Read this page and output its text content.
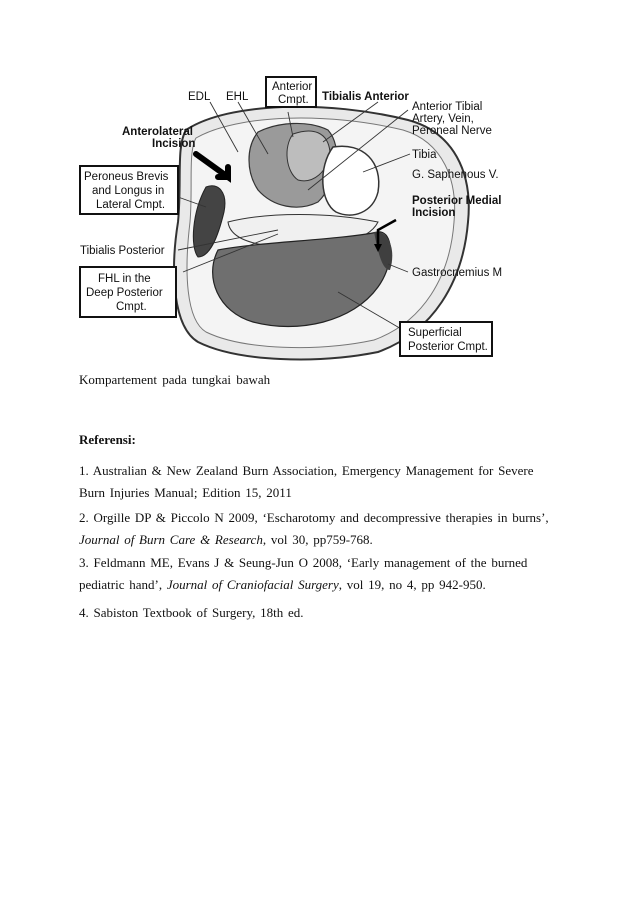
EDL EHL
Anterior
Cmpt. Tibialis Anterior
Anterior Tibial
Artery, Vein,
Peroneal Nerve
Anterolateral
Incision
Tibia
Peroneus Brevis
and Longus in
Lateral Cmpt.
G. Saphenous V.
Posterior Medial
Incision
Tibialis Posterior
FHL in the
Deep Posterior
Cmpt.
Gastrocnemius M
Superficial
Posterior Cmpt.
Kompartement pada tungkai bawah
Referensi:
1. Australian & New Zealand Burn Association, Emergency Management for Severe
Burn Injuries Manual; Edition 15, 2011
2. Orgille DP & Piccolo N 2009, ‘Escharotomy and decompressive therapies in burns’,
Journal of Burn Care & Research, vol 30, pp759-768.
3. Feldmann ME, Evans J & Seung-Jun O 2008, ‘Early management of the burned
pediatric hand’, Journal of Craniofacial Surgery, vol 19, no 4, pp 942-950.
4. Sabiston Textbook of Surgery, 18th ed.
